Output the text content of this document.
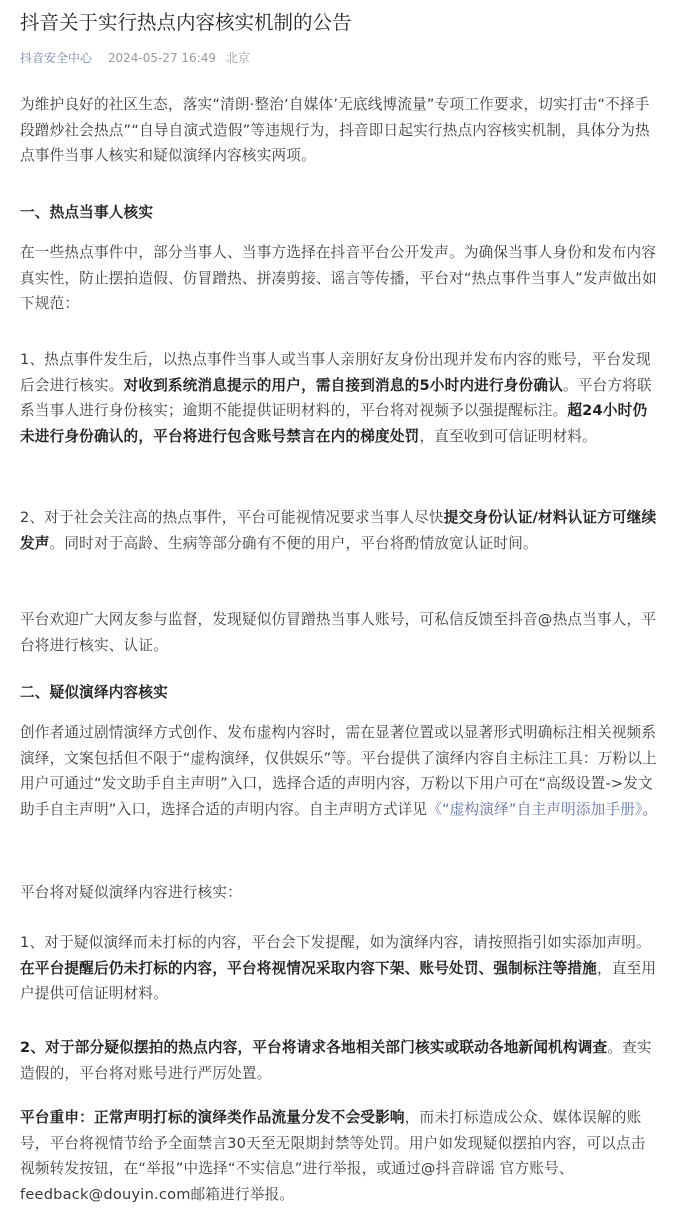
抖音关于实行热点内容核实机制的公告
抖音安全中心 2024-05-27 16:49 北京

为维护良好的社区生态，落实“清朗·整治‘自媒体’无底线博流量”专项工作要求，切实打击“不择手段蹭炒社会热点”“自导自演式造假”等违规行为，抖音即日起实行热点内容核实机制，具体分为热点事件当事人核实和疑似演绎内容核实两项。

一、热点当事人核实

在一些热点事件中，部分当事人、当事方选择在抖音平台公开发声。为确保当事人身份和发布内容真实性，防止摆拍造假、仿冒蹭热、拼凑剪接、谣言等传播，平台对“热点事件当事人”发声做出如下规范：

1、热点事件发生后，以热点事件当事人或当事人亲朋好友身份出现并发布内容的账号，平台发现后会进行核实。对收到系统消息提示的用户，需自接到消息的5小时内进行身份确认。平台方将联系当事人进行身份核实；逾期不能提供证明材料的，平台将对视频予以强提醒标注。超24小时仍未进行身份确认的，平台将进行包含账号禁言在内的梯度处罚，直至收到可信证明材料。

2、对于社会关注高的热点事件，平台可能视情况要求当事人尽快提交身份认证/材料认证方可继续发声。同时对于高龄、生病等部分确有不便的用户，平台将酌情放宽认证时间。

平台欢迎广大网友参与监督，发现疑似仿冒蹭热当事人账号，可私信反馈至抖音@热点当事人，平台将进行核实、认证。

二、疑似演绎内容核实

创作者通过剧情演绎方式创作、发布虚构内容时，需在显著位置或以显著形式明确标注相关视频系演绎，文案包括但不限于“虚构演绎，仅供娱乐”等。平台提供了演绎内容自主标注工具：万粉以上用户可通过“发文助手自主声明”入口，选择合适的声明内容，万粉以下用户可在“高级设置->发文助手自主声明”入口，选择合适的声明内容。自主声明方式详见《“虚构演绎”自主声明添加手册》。

平台将对疑似演绎内容进行核实：

1、对于疑似演绎而未打标的内容，平台会下发提醒，如为演绎内容，请按照指引如实添加声明。在平台提醒后仍未打标的内容，平台将视情况采取内容下架、账号处罚、强制标注等措施，直至用户提供可信证明材料。

2、对于部分疑似摆拍的热点内容，平台将请求各地相关部门核实或联动各地新闻机构调查。查实造假的，平台将对账号进行严厉处置。

平台重申：正常声明打标的演绎类作品流量分发不会受影响，而未打标造成公众、媒体误解的账号，平台将视情节给予全面禁言30天至无限期封禁等处罚。用户如发现疑似摆拍内容，可以点击视频转发按钮，在“举报”中选择“不实信息”进行举报，或通过@抖音辟谣 官方账号、feedback@douyin.com邮箱进行举报。
